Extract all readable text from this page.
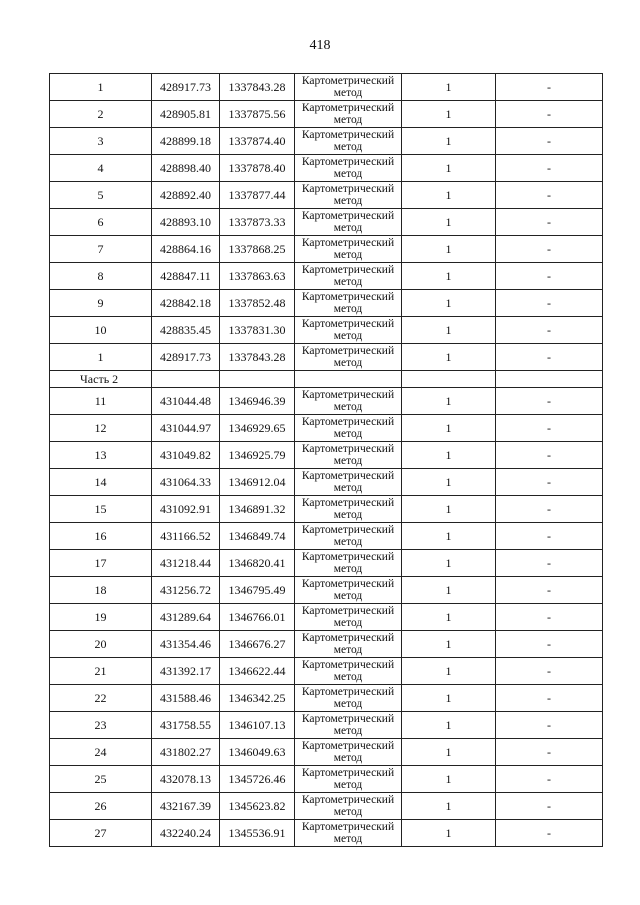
418
1	428917.73	1337843.28	Картометрический метод	1	-
2	428905.81	1337875.56	Картометрический метод	1	-
3	428899.18	1337874.40	Картометрический метод	1	-
4	428898.40	1337878.40	Картометрический метод	1	-
5	428892.40	1337877.44	Картометрический метод	1	-
6	428893.10	1337873.33	Картометрический метод	1	-
7	428864.16	1337868.25	Картометрический метод	1	-
8	428847.11	1337863.63	Картометрический метод	1	-
9	428842.18	1337852.48	Картометрический метод	1	-
10	428835.45	1337831.30	Картометрический метод	1	-
1	428917.73	1337843.28	Картометрический метод	1	-
Часть 2					
11	431044.48	1346946.39	Картометрический метод	1	-
12	431044.97	1346929.65	Картометрический метод	1	-
13	431049.82	1346925.79	Картометрический метод	1	-
14	431064.33	1346912.04	Картометрический метод	1	-
15	431092.91	1346891.32	Картометрический метод	1	-
16	431166.52	1346849.74	Картометрический метод	1	-
17	431218.44	1346820.41	Картометрический метод	1	-
18	431256.72	1346795.49	Картометрический метод	1	-
19	431289.64	1346766.01	Картометрический метод	1	-
20	431354.46	1346676.27	Картометрический метод	1	-
21	431392.17	1346622.44	Картометрический метод	1	-
22	431588.46	1346342.25	Картометрический метод	1	-
23	431758.55	1346107.13	Картометрический метод	1	-
24	431802.27	1346049.63	Картометрический метод	1	-
25	432078.13	1345726.46	Картометрический метод	1	-
26	432167.39	1345623.82	Картометрический метод	1	-
27	432240.24	1345536.91	Картометрический метод	1	-
